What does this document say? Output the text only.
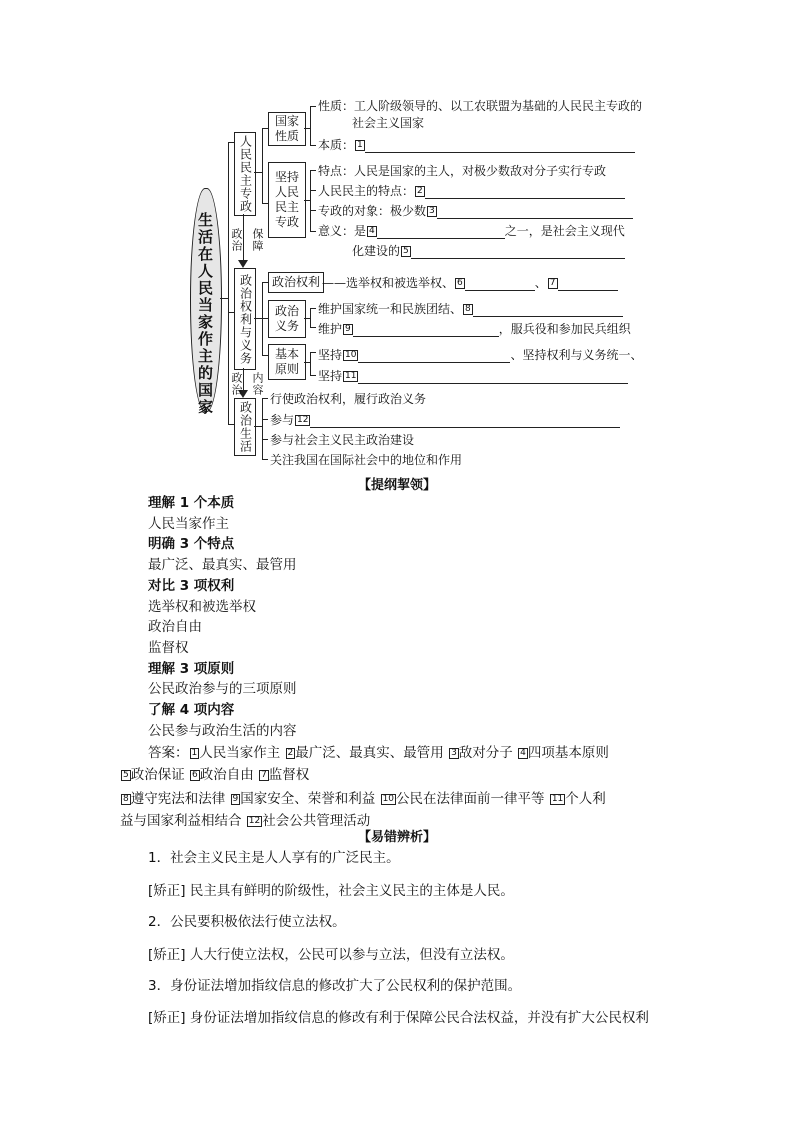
生活在人民当家作主的国家
人民民主专政
政治 保障
政治权利与义务
政治 内容
政治生活
国家性质
性质：工人阶级领导的、以工农联盟为基础的人民民主专政的
社会主义国家
本质： 1
坚持人民民主专政
特点：人民是国家的主人，对极少数敌对分子实行专政
人民民主的特点： 2
专政的对象：极少数 3
意义：是 4	之一，是社会主义现代
化建设的 5
政治权利 ——选举权和被选举权、 6	、 7
政治义务
维护国家统一和民族团结、 8
维护 9	，服兵役和参加民兵组织
基本原则
坚持 10	、坚持权利与义务统一、
坚持 11
行使政治权利，履行政治义务
参与 12
参与社会主义民主政治建设
关注我国在国际社会中的地位和作用
【提纲挈领】
理解 1 个本质
人民当家作主
明确 3 个特点
最广泛、最真实、最管用
对比 3 项权利
选举权和被选举权
政治自由
监督权
理解 3 项原则
公民政治参与的三项原则
了解 4 项内容
公民参与政治生活的内容
答案： 1 人民当家作主 2 最广泛、最真实、最管用 3 敌对分子 4 四项基本原则
5 政治保证 6 政治自由 7 监督权
8 遵守宪法和法律 9 国家安全、荣誉和利益 10 公民在法律面前一律平等 11 个人利
益与国家利益相结合 12 社会公共管理活动
【易错辨析】
1．社会主义民主是人人享有的广泛民主。
[矫正] 民主具有鲜明的阶级性，社会主义民主的主体是人民。
2．公民要积极依法行使立法权。
[矫正] 人大行使立法权，公民可以参与立法，但没有立法权。
3．身份证法增加指纹信息的修改扩大了公民权利的保护范围。
[矫正] 身份证法增加指纹信息的修改有利于保障公民合法权益，并没有扩大公民权利
